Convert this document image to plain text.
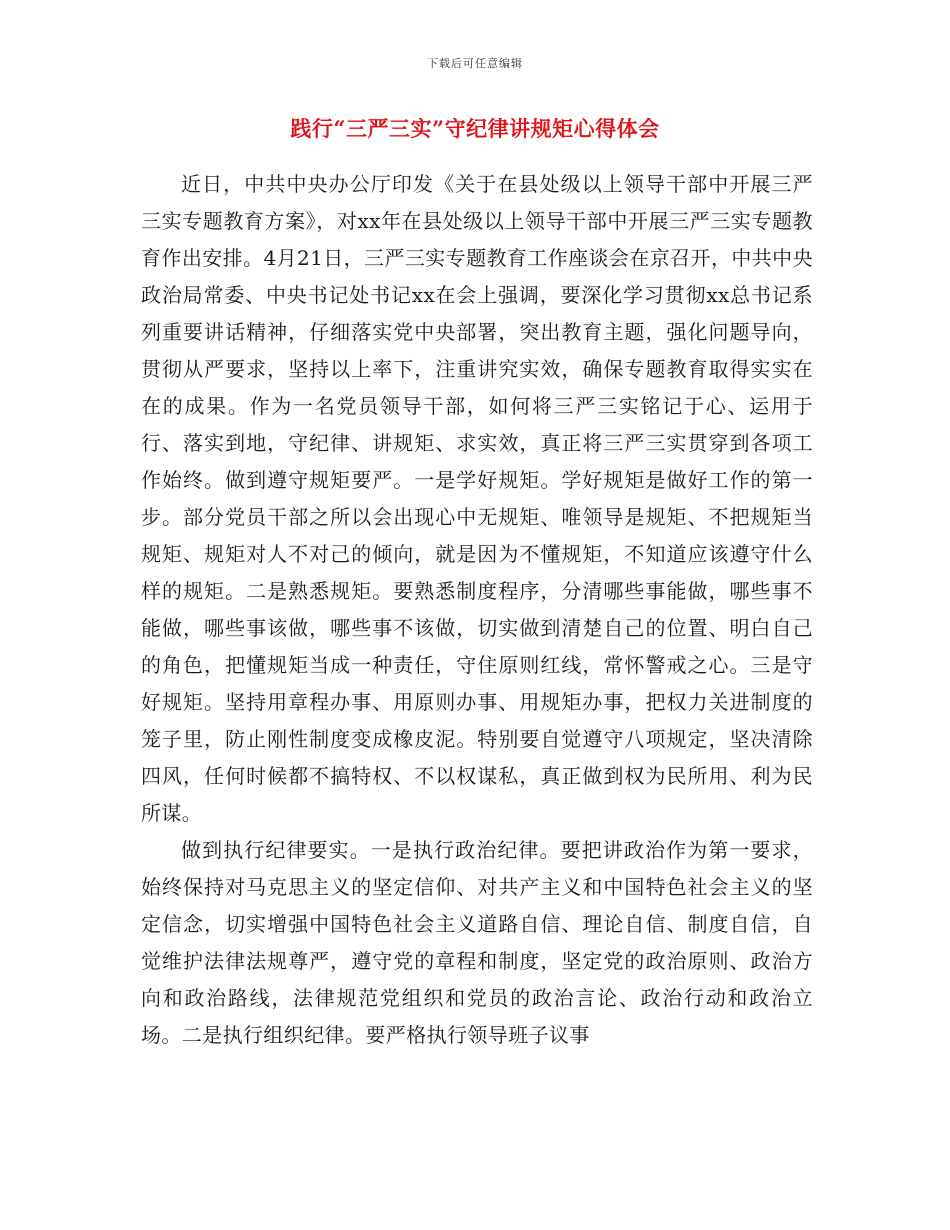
下载后可任意编辑
践行“三严三实”守纪律讲规矩心得体会

近日，中共中央办公厅印发《关于在县处级以上领导干部中开展三严三实专题教育方案》，对xx年在县处级以上领导干部中开展三严三实专题教育作出安排。4月21日，三严三实专题教育工作座谈会在京召开，中共中央政治局常委、中央书记处书记xx在会上强调，要深化学习贯彻xx总书记系列重要讲话精神，仔细落实党中央部署，突出教育主题，强化问题导向，贯彻从严要求，坚持以上率下，注重讲究实效，确保专题教育取得实实在在的成果。作为一名党员领导干部，如何将三严三实铭记于心、运用于行、落实到地，守纪律、讲规矩、求实效，真正将三严三实贯穿到各项工作始终。做到遵守规矩要严。一是学好规矩。学好规矩是做好工作的第一步。部分党员干部之所以会出现心中无规矩、唯领导是规矩、不把规矩当规矩、规矩对人不对己的倾向，就是因为不懂规矩，不知道应该遵守什么样的规矩。二是熟悉规矩。要熟悉制度程序，分清哪些事能做，哪些事不能做，哪些事该做，哪些事不该做，切实做到清楚自己的位置、明白自己的角色，把懂规矩当成一种责任，守住原则红线，常怀警戒之心。三是守好规矩。坚持用章程办事、用原则办事、用规矩办事，把权力关进制度的笼子里，防止刚性制度变成橡皮泥。特别要自觉遵守八项规定，坚决清除四风，任何时候都不搞特权、不以权谋私，真正做到权为民所用、利为民所谋。

做到执行纪律要实。一是执行政治纪律。要把讲政治作为第一要求，始终保持对马克思主义的坚定信仰、对共产主义和中国特色社会主义的坚定信念，切实增强中国特色社会主义道路自信、理论自信、制度自信，自觉维护法律法规尊严，遵守党的章程和制度，坚定党的政治原则、政治方向和政治路线，法律规范党组织和党员的政治言论、政治行动和政治立场。二是执行组织纪律。要严格执行领导班子议事
